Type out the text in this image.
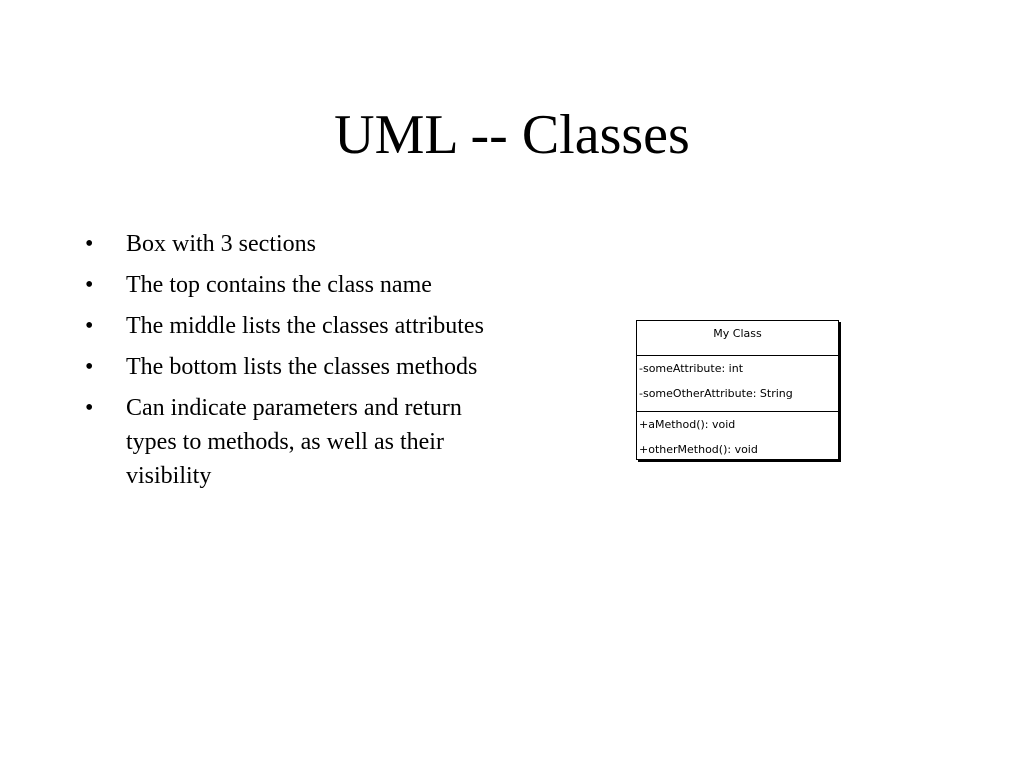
UML -- Classes
• Box with 3 sections
• The top contains the class name
• The middle lists the classes attributes
• The bottom lists the classes methods
• Can indicate parameters and return types to methods, as well as their visibility
My Class
-someAttribute: int
-someOtherAttribute: String
+aMethod(): void
+otherMethod(): void
